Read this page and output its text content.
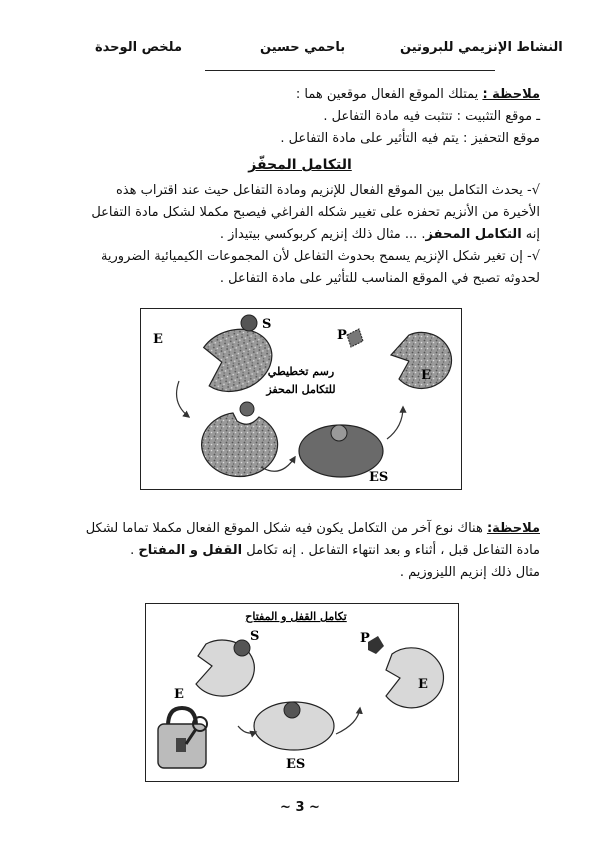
النشاط الإنزيمي للبروتين
باحمي حسين
ملخص الوحدة
ملاحظة : يمتلك الموقع الفعال موقعين هما :
ـ موقع التثبيت : تتثبت فيه مادة التفاعل .
موقع التحفيز : يتم فيه التأثير على مادة التفاعل .
التكامل المحفّز
√- يحدث التكامل بين الموقع الفعال للإنزيم ومادة التفاعل حيث عند اقتراب هذه
الأخيرة من الأنزيم تحفزه على تغيير شكله الفراغي فيصبح مكملا لشكل مادة التفاعل
إنه التكامل المحفز. ... مثال ذلك إنزيم كربوكسي بيتيداز .
√- إن تغير شكل الإنزيم يسمح بحدوث التفاعل لأن المجموعات الكيميائية الضرورية
لحدوثه تصبح في الموقع المناسب للتأثير على مادة التفاعل .
E
S
رسم تخطيطي
للتكامل المحفز
P
E
ES
ملاحظة: هناك نوع آخر من التكامل يكون فيه شكل الموقع الفعال مكملا تماما لشكل
مادة التفاعل قبل ، أثناء و بعد انتهاء التفاعل . إنه تكامل القفل و المفتاح .
مثال ذلك إنزيم الليزوزيم .
تكامل القفل و المفتاح
E
S	P
E
ES
~ 3 ~
